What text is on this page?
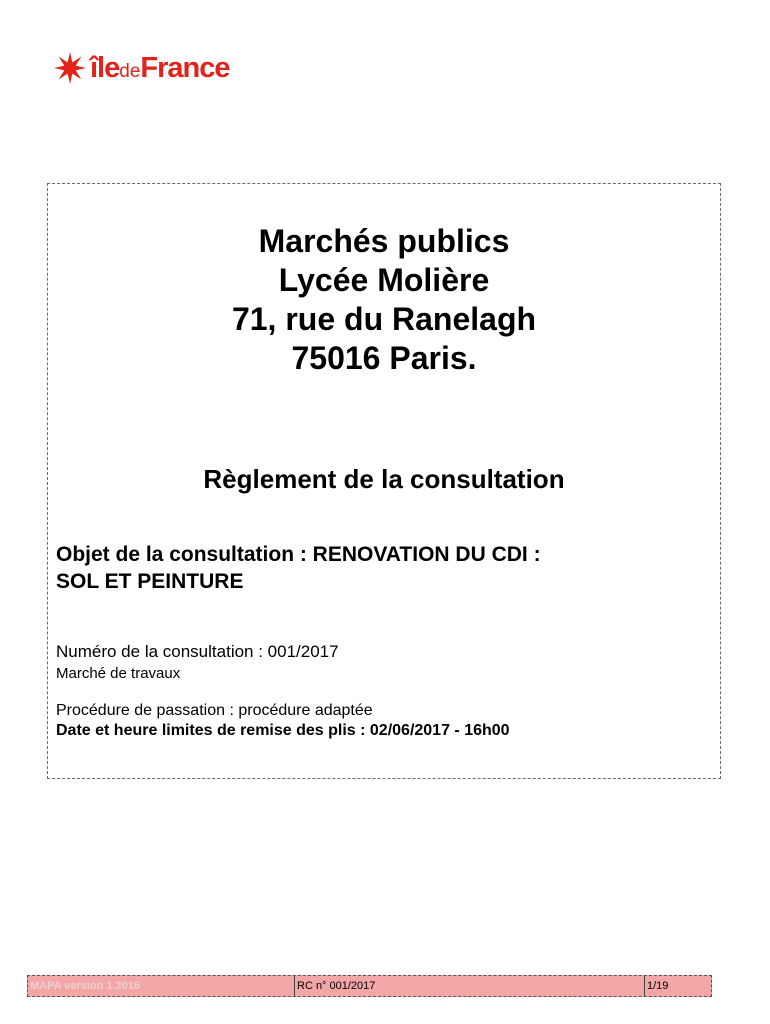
îledeFrance
Marchés publics
Lycée Molière
71, rue du Ranelagh
75016 Paris.
Règlement de la consultation
Objet de la consultation : RENOVATION DU CDI :
SOL ET PEINTURE
Numéro de la consultation : 001/2017
Marché de travaux
Procédure de passation : procédure adaptée
Date et heure limites de remise des plis : 02/06/2017 - 16h00
MAPA version 1.2016	RC n° 001/2017	1/19
